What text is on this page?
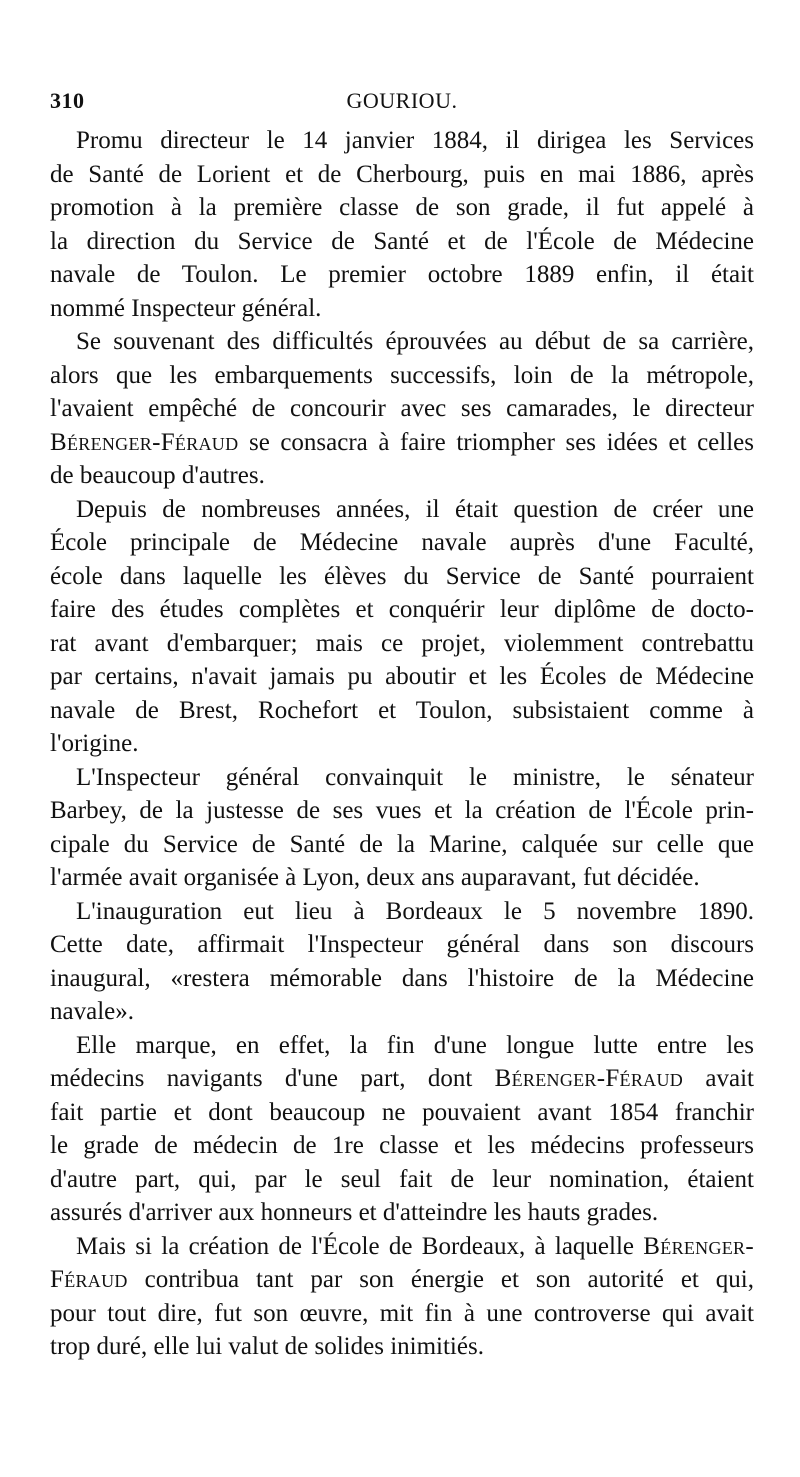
310	GOURIOU.

Promu directeur le 14 janvier 1884, il dirigea les Services
de Santé de Lorient et de Cherbourg, puis en mai 1886, après
promotion à la première classe de son grade, il fut appelé à
la direction du Service de Santé et de l'École de Médecine
navale de Toulon. Le premier octobre 1889 enfin, il était
nommé Inspecteur général.

Se souvenant des difficultés éprouvées au début de sa carrière,
alors que les embarquements successifs, loin de la métropole,
l'avaient empêché de concourir avec ses camarades, le directeur
Bérenger-Féraud se consacra à faire triompher ses idées et celles
de beaucoup d'autres.

Depuis de nombreuses années, il était question de créer une
École principale de Médecine navale auprès d'une Faculté,
école dans laquelle les élèves du Service de Santé pourraient
faire des études complètes et conquérir leur diplôme de docto-
rat avant d'embarquer; mais ce projet, violemment contrebattu
par certains, n'avait jamais pu aboutir et les Écoles de Médecine
navale de Brest, Rochefort et Toulon, subsistaient comme à
l'origine.

L'Inspecteur général convainquit le ministre, le sénateur
Barbey, de la justesse de ses vues et la création de l'École prin-
cipale du Service de Santé de la Marine, calquée sur celle que
l'armée avait organisée à Lyon, deux ans auparavant, fut décidée.

L'inauguration eut lieu à Bordeaux le 5 novembre 1890.
Cette date, affirmait l'Inspecteur général dans son discours
inaugural, «restera mémorable dans l'histoire de la Médecine
navale».

Elle marque, en effet, la fin d'une longue lutte entre les
médecins navigants d'une part, dont Bérenger-Féraud avait
fait partie et dont beaucoup ne pouvaient avant 1854 franchir
le grade de médecin de 1re classe et les médecins professeurs
d'autre part, qui, par le seul fait de leur nomination, étaient
assurés d'arriver aux honneurs et d'atteindre les hauts grades.

Mais si la création de l'École de Bordeaux, à laquelle Bérenger-
Féraud contribua tant par son énergie et son autorité et qui,
pour tout dire, fut son œuvre, mit fin à une controverse qui avait
trop duré, elle lui valut de solides inimitiés.
